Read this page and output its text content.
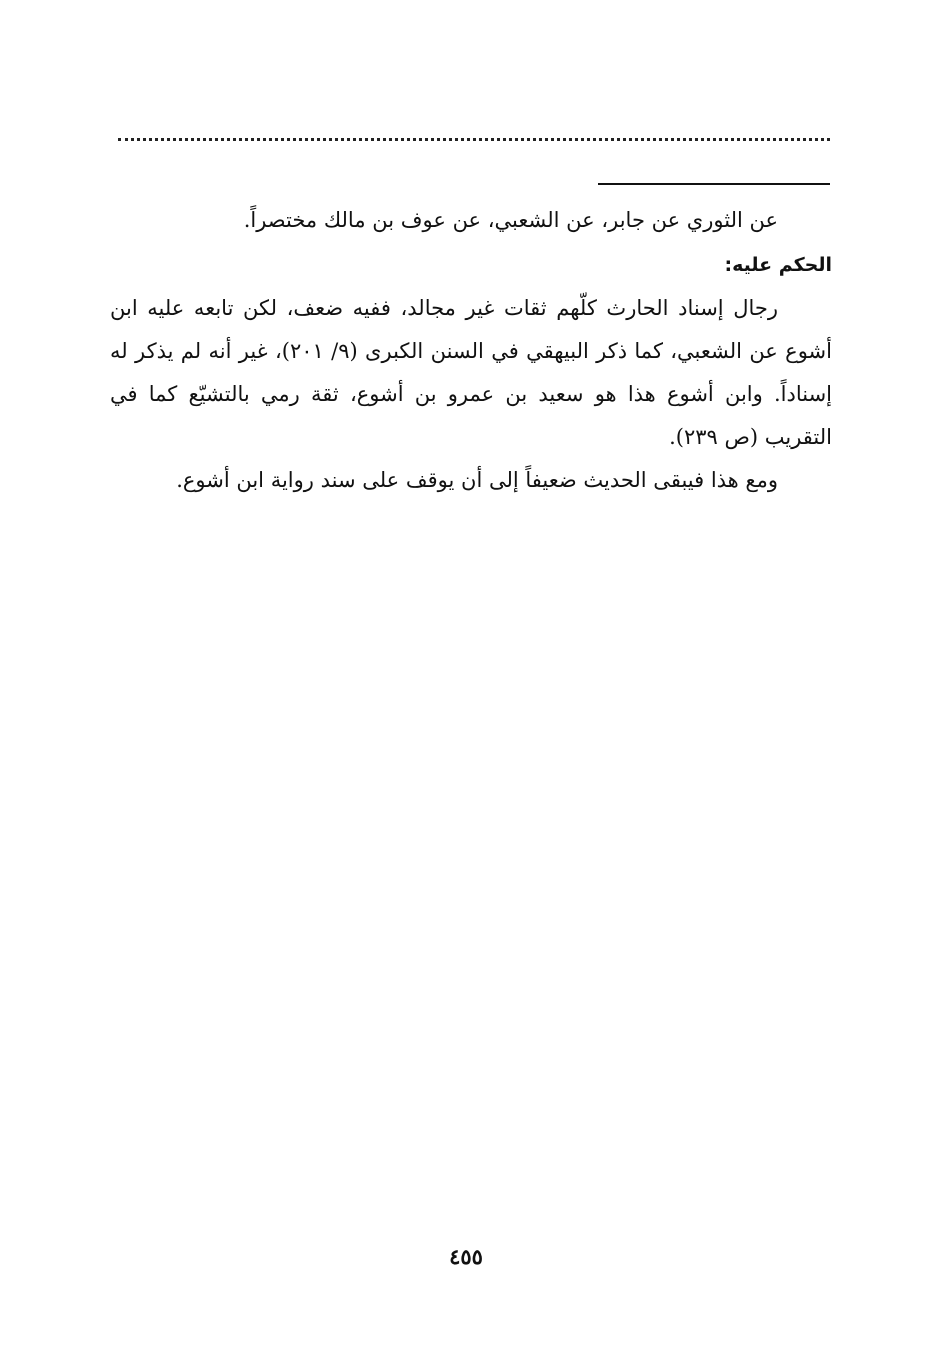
عن الثوري عن جابر، عن الشعبي، عن عوف بن مالك مختصراً.
الحكم عليه:
رجال إسناد الحارث كلّهم ثقات غير مجالد، ففيه ضعف، لكن تابعه عليه ابن
أشوع عن الشعبي، كما ذكر البيهقي في السنن الكبرى (٩/ ٢٠١)، غير أنه لم يذكر له
إسناداً. وابن أشوع هذا هو سعيد بن عمرو بن أشوع، ثقة رمي بالتشيّع كما في
التقريب (ص ٢٣٩).
ومع هذا فيبقى الحديث ضعيفاً إلى أن يوقف على سند رواية ابن أشوع.
٤٥٥
